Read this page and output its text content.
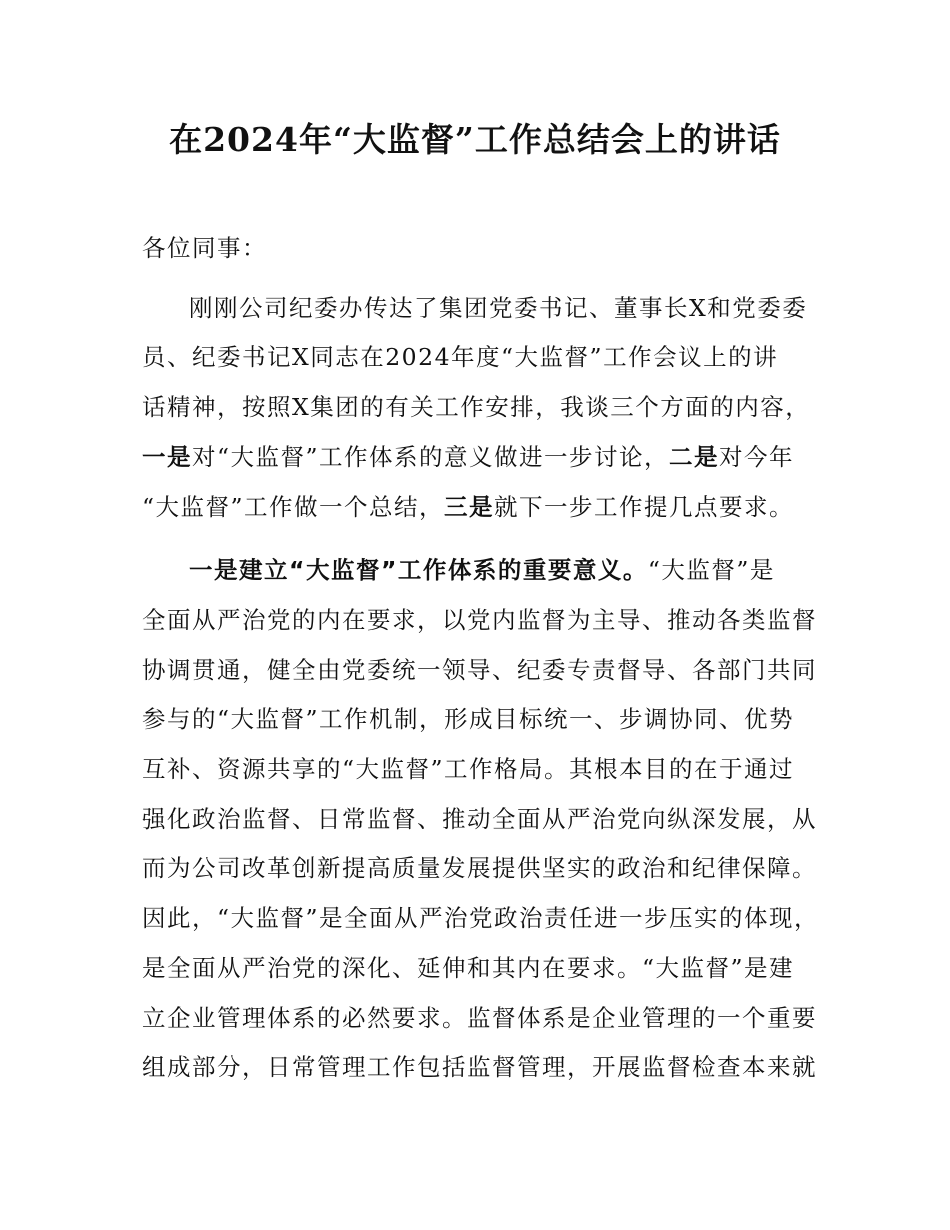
在2024年“大监督”工作总结会上的讲话

各位同事：

刚刚公司纪委办传达了集团党委书记、董事长X和党委委
员、纪委书记X同志在2024年度“大监督”工作会议上的讲
话精神，按照X集团的有关工作安排，我谈三个方面的内容，
一是对“大监督”工作体系的意义做进一步讨论，二是对今年
“大监督”工作做一个总结，三是就下一步工作提几点要求。

一是建立“大监督”工作体系的重要意义。“大监督”是
全面从严治党的内在要求，以党内监督为主导、推动各类监督
协调贯通，健全由党委统一领导、纪委专责督导、各部门共同
参与的“大监督”工作机制，形成目标统一、步调协同、优势
互补、资源共享的“大监督”工作格局。其根本目的在于通过
强化政治监督、日常监督、推动全面从严治党向纵深发展，从
而为公司改革创新提高质量发展提供坚实的政治和纪律保障。
因此，“大监督”是全面从严治党政治责任进一步压实的体现，
是全面从严治党的深化、延伸和其内在要求。“大监督”是建
立企业管理体系的必然要求。监督体系是企业管理的一个重要
组成部分，日常管理工作包括监督管理，开展监督检查本来就
